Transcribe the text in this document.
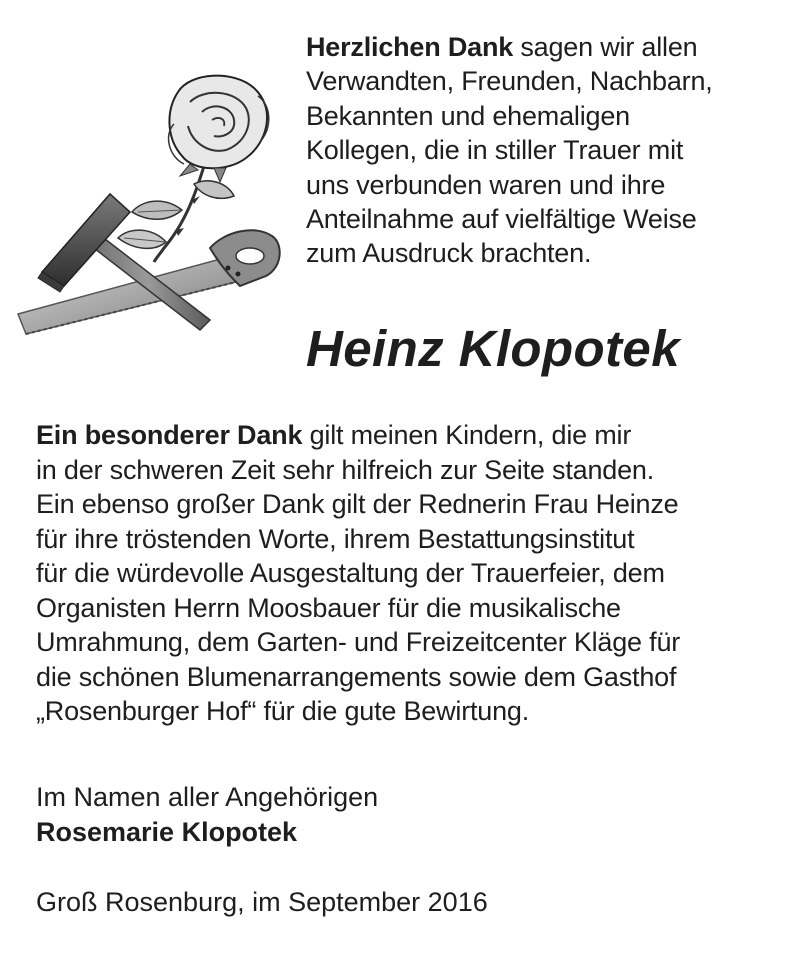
Herzlichen Dank sagen wir allen
Verwandten, Freunden, Nachbarn,
Bekannten und ehemaligen
Kollegen, die in stiller Trauer mit
uns verbunden waren und ihre
Anteilnahme auf vielfältige Weise
zum Ausdruck brachten.
Heinz Klopotek
Ein besonderer Dank gilt meinen Kindern, die mir
in der schweren Zeit sehr hilfreich zur Seite standen.
Ein ebenso großer Dank gilt der Rednerin Frau Heinze
für ihre tröstenden Worte, ihrem Bestattungsinstitut
für die würdevolle Ausgestaltung der Trauerfeier, dem
Organisten Herrn Moosbauer für die musikalische
Umrahmung, dem Garten- und Freizeitcenter Kläge für
die schönen Blumenarrangements sowie dem Gasthof
„Rosenburger Hof“ für die gute Bewirtung.
Im Namen aller Angehörigen
Rosemarie Klopotek
Groß Rosenburg, im September 2016
